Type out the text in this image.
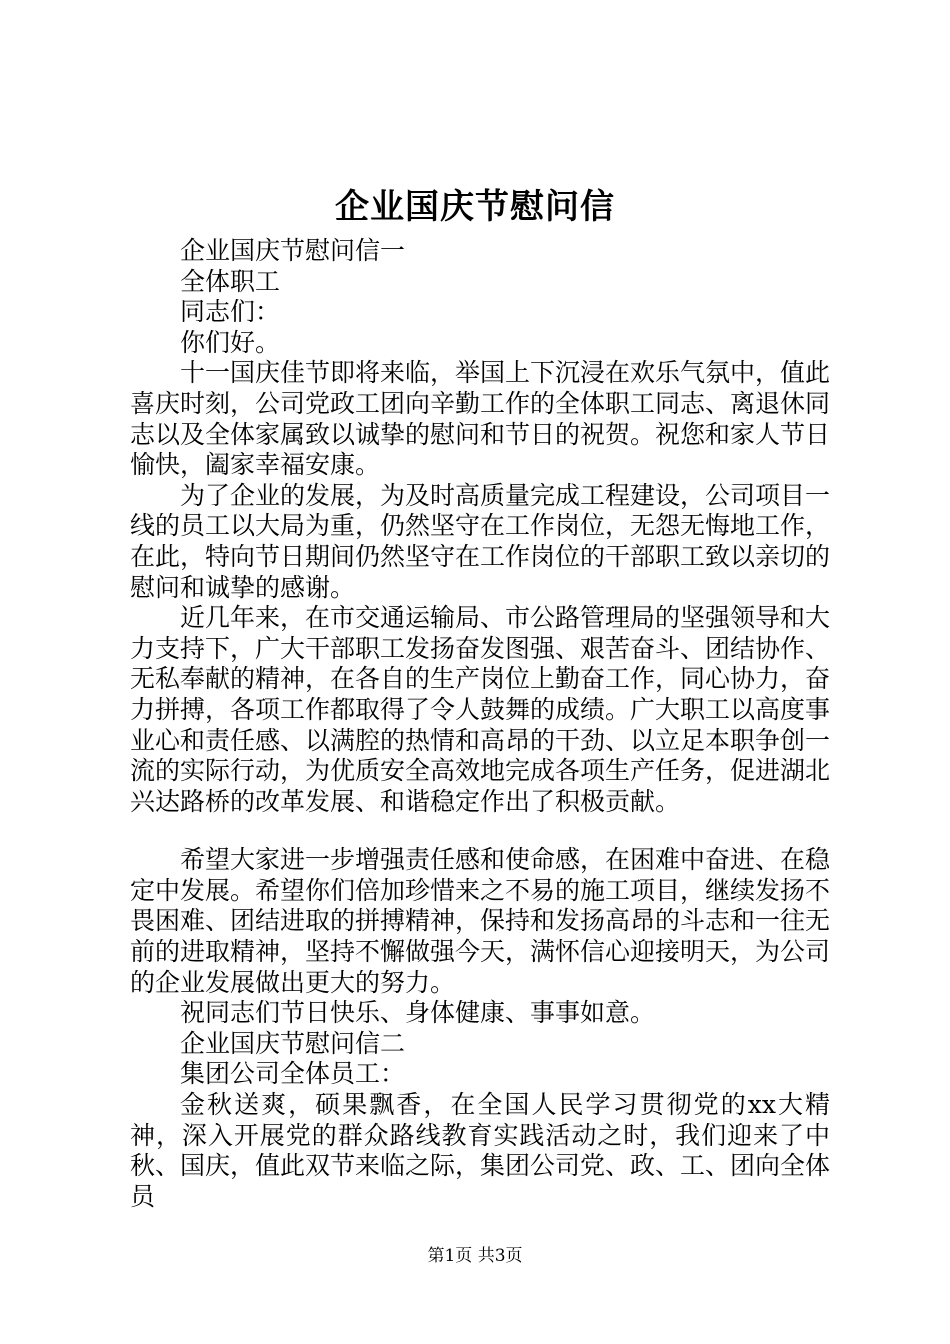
企业国庆节慰问信

企业国庆节慰问信一

全体职工

同志们：

你们好。

十一国庆佳节即将来临，举国上下沉浸在欢乐气氛中，值此喜庆时刻，公司党政工团向辛勤工作的全体职工同志、离退休同志以及全体家属致以诚挚的慰问和节日的祝贺。祝您和家人节日愉快，阖家幸福安康。

为了企业的发展，为及时高质量完成工程建设，公司项目一线的员工以大局为重，仍然坚守在工作岗位，无怨无悔地工作，在此，特向节日期间仍然坚守在工作岗位的干部职工致以亲切的慰问和诚挚的感谢。

近几年来，在市交通运输局、市公路管理局的坚强领导和大力支持下，广大干部职工发扬奋发图强、艰苦奋斗、团结协作、无私奉献的精神，在各自的生产岗位上勤奋工作，同心协力，奋力拼搏，各项工作都取得了令人鼓舞的成绩。广大职工以高度事业心和责任感、以满腔的热情和高昂的干劲、以立足本职争创一流的实际行动，为优质安全高效地完成各项生产任务，促进湖北兴达路桥的改革发展、和谐稳定作出了积极贡献。

希望大家进一步增强责任感和使命感，在困难中奋进、在稳定中发展。希望你们倍加珍惜来之不易的施工项目，继续发扬不畏困难、团结进取的拼搏精神，保持和发扬高昂的斗志和一往无前的进取精神，坚持不懈做强今天，满怀信心迎接明天，为公司的企业发展做出更大的努力。

祝同志们节日快乐、身体健康、事事如意。

企业国庆节慰问信二

集团公司全体员工：

金秋送爽，硕果飘香，在全国人民学习贯彻党的xx大精神，深入开展党的群众路线教育实践活动之时，我们迎来了中秋、国庆，值此双节来临之际，集团公司党、政、工、团向全体员

第1页 共3页
